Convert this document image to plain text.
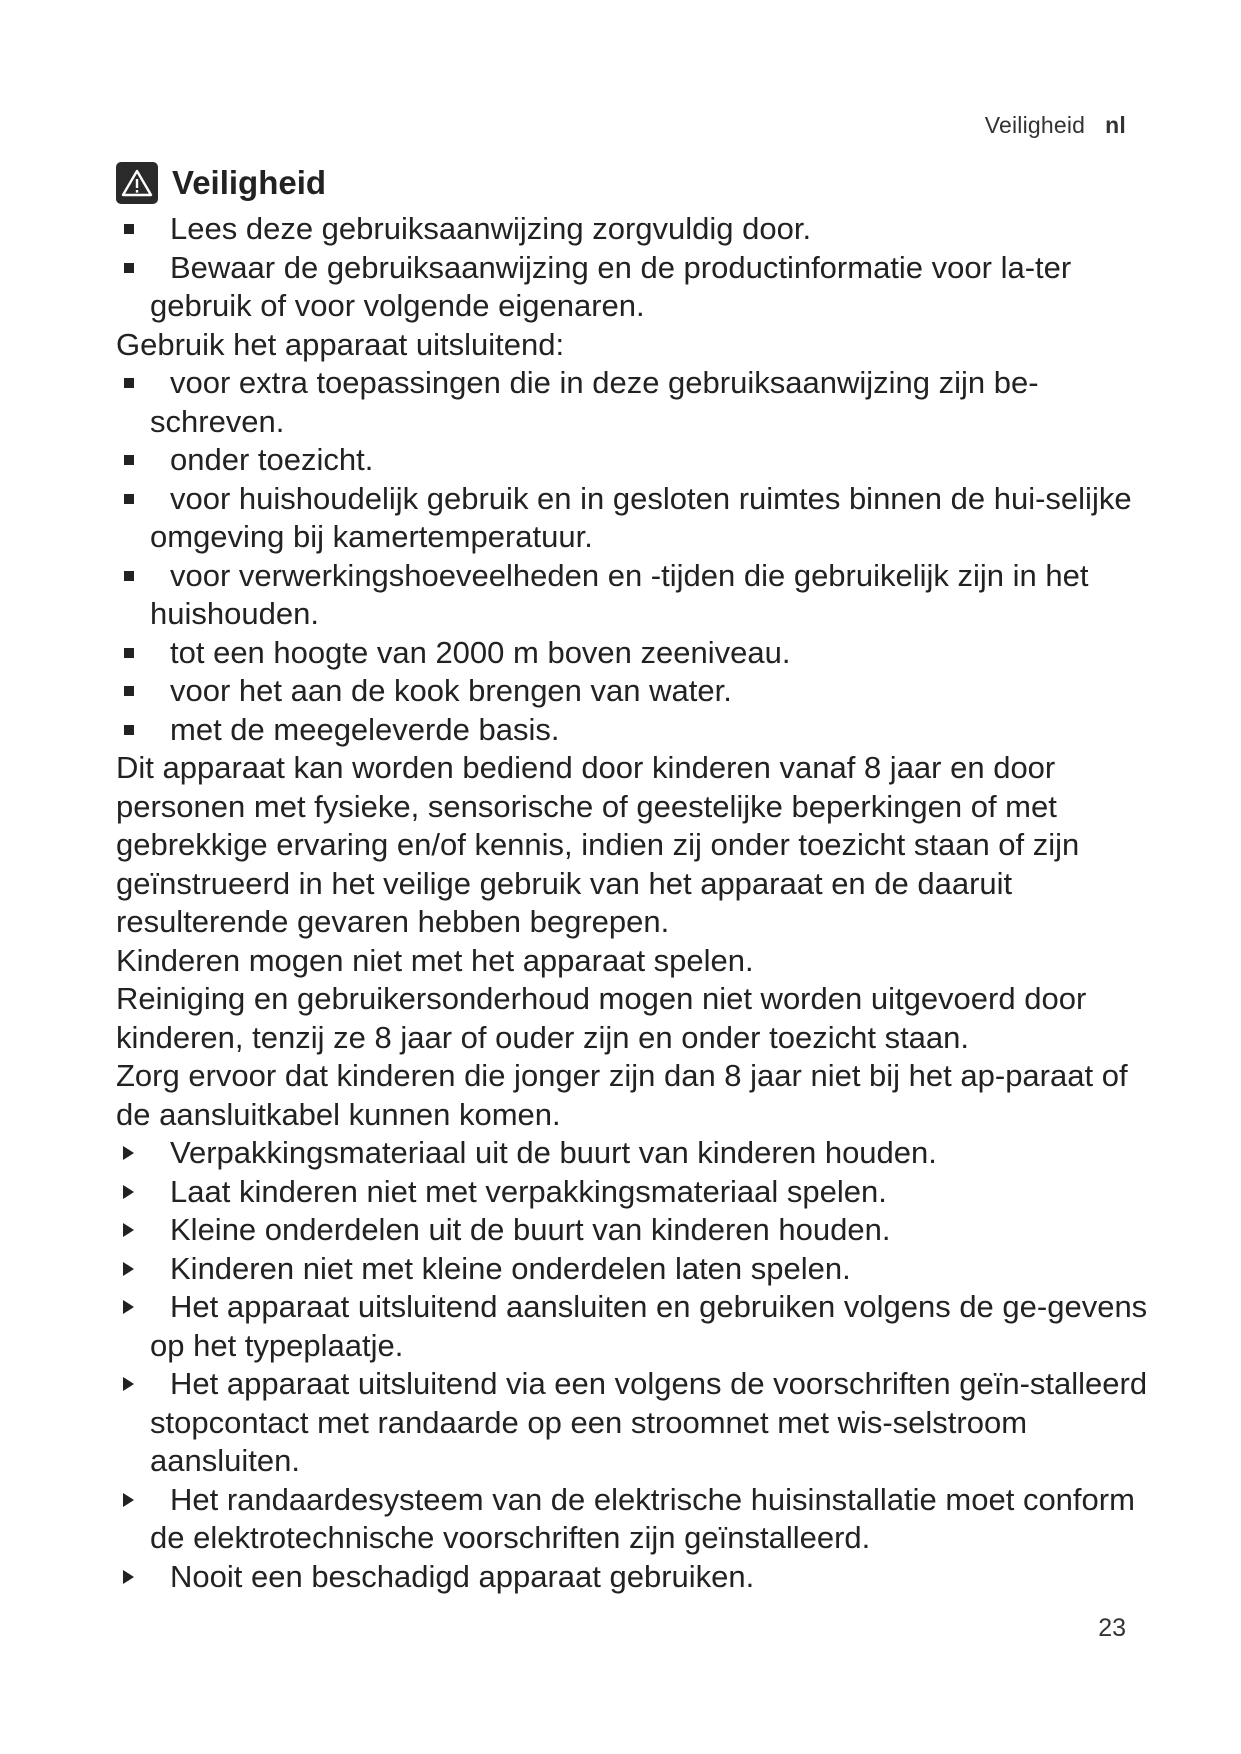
Veiligheid nl
Veiligheid
Lees deze gebruiksaanwijzing zorgvuldig door.
Bewaar de gebruiksaanwijzing en de productinformatie voor la-ter gebruik of voor volgende eigenaren.

Gebruik het apparaat uitsluitend:

voor extra toepassingen die in deze gebruiksaanwijzing zijn be-schreven.
onder toezicht.
voor huishoudelijk gebruik en in gesloten ruimtes binnen de hui-selijke omgeving bij kamertemperatuur.
voor verwerkingshoeveelheden en -tijden die gebruikelijk zijn in het huishouden.
tot een hoogte van 2000 m boven zeeniveau.
voor het aan de kook brengen van water.
met de meegeleverde basis.

Dit apparaat kan worden bediend door kinderen vanaf 8 jaar en door personen met fysieke, sensorische of geestelijke beperkingen of met gebrekkige ervaring en/of kennis, indien zij onder toezicht staan of zijn geïnstrueerd in het veilige gebruik van het apparaat en de daaruit resulterende gevaren hebben begrepen.

Kinderen mogen niet met het apparaat spelen.

Reiniging en gebruikersonderhoud mogen niet worden uitgevoerd door kinderen, tenzij ze 8 jaar of ouder zijn en onder toezicht staan.

Zorg ervoor dat kinderen die jonger zijn dan 8 jaar niet bij het ap-paraat of de aansluitkabel kunnen komen.

Verpakkingsmateriaal uit de buurt van kinderen houden.
Laat kinderen niet met verpakkingsmateriaal spelen.
Kleine onderdelen uit de buurt van kinderen houden.
Kinderen niet met kleine onderdelen laten spelen.
Het apparaat uitsluitend aansluiten en gebruiken volgens de ge-gevens op het typeplaatje.
Het apparaat uitsluitend via een volgens de voorschriften geïn-stalleerd stopcontact met randaarde op een stroomnet met wis-selstroom aansluiten.
Het randaardesysteem van de elektrische huisinstallatie moet conform de elektrotechnische voorschriften zijn geïnstalleerd.
Nooit een beschadigd apparaat gebruiken.
23
